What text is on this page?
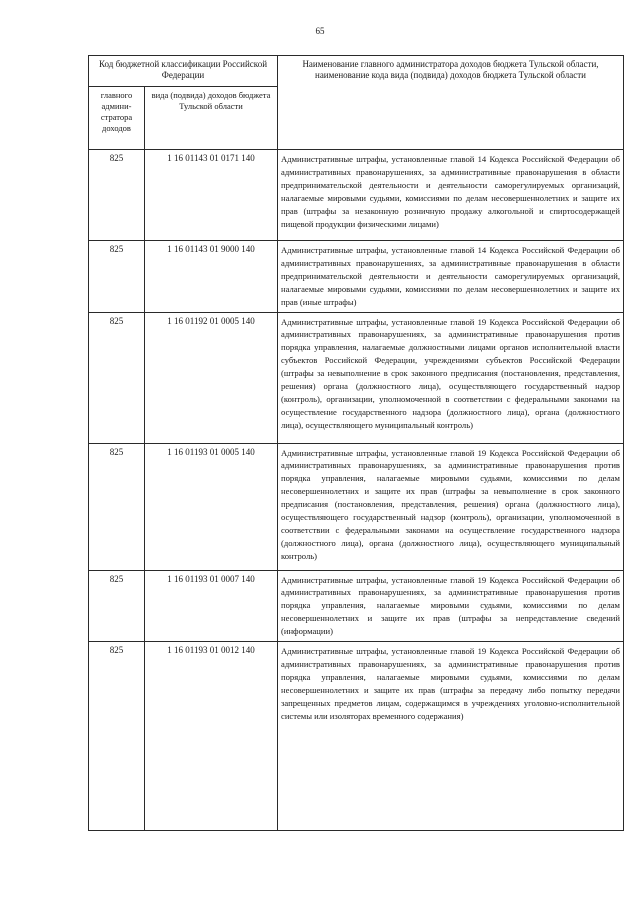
65
Код бюджетной классификации Российской Федерации		Наименование главного администратора доходов бюджета Тульской области, наименование кода вида (подвида) доходов бюджета Тульской области
главного админи-стратора доходов	вида (подвида) доходов бюджета Тульской области	
825	1 16 01143 01 0171 140	Административные штрафы, установленные главой 14 Кодекса Российской Федерации об административных правонарушениях, за административные правонарушения в области предпринимательской деятельности и деятельности саморегулируемых организаций, налагаемые мировыми судьями, комиссиями по делам несовершеннолетних и защите их прав (штрафы за незаконную розничную продажу алкогольной и спиртосодержащей пищевой продукции физическими лицами)

825	1 16 01143 01 9000 140	Административные штрафы, установленные главой 14 Кодекса Российской Федерации об административных правонарушениях, за административные правонарушения в области предпринимательской деятельности и деятельности саморегулируемых организаций, налагаемые мировыми судьями, комиссиями по делам несовершеннолетних и защите их прав (иные штрафы)

825	1 16 01192 01 0005 140	Административные штрафы, установленные главой 19 Кодекса Российской Федерации об административных правонарушениях, за административные правонарушения против порядка управления, налагаемые должностными лицами органов исполнительной власти субъектов Российской Федерации, учреждениями субъектов Российской Федерации (штрафы за невыполнение в срок законного предписания (постановления, представления, решения) органа (должностного лица), осуществляющего государственный надзор (контроль), организации, уполномоченной в соответствии с федеральными законами на осуществление государственного надзора (должностного лица), органа (должностного лица), осуществляющего муниципальный контроль)

825	1 16 01193 01 0005 140	Административные штрафы, установленные главой 19 Кодекса Российской Федерации об административных правонарушениях, за административные правонарушения против порядка управления, налагаемые мировыми судьями, комиссиями по делам несовершеннолетних и защите их прав (штрафы за невыполнение в срок законного предписания (постановления, представления, решения) органа (должностного лица), осуществляющего государственный надзор (контроль), организации, уполномоченной в соответствии с федеральными законами на осуществление государственного надзора (должностного лица), органа (должностного лица), осуществляющего муниципальный контроль)

825	1 16 01193 01 0007 140	Административные штрафы, установленные главой 19 Кодекса Российской Федерации об административных правонарушениях, за административные правонарушения против порядка управления, налагаемые мировыми судьями, комиссиями по делам несовершеннолетних и защите их прав (штрафы за непредставление сведений (информации)

825	1 16 01193 01 0012 140	Административные штрафы, установленные главой 19 Кодекса Российской Федерации об административных правонарушениях, за административные правонарушения против порядка управления, налагаемые мировыми судьями, комиссиями по делам несовершеннолетних и защите их прав (штрафы за передачу либо попытку передачи запрещенных предметов лицам, содержащимся в учреждениях уголовно-исполнительной системы или изоляторах временного содержания)
